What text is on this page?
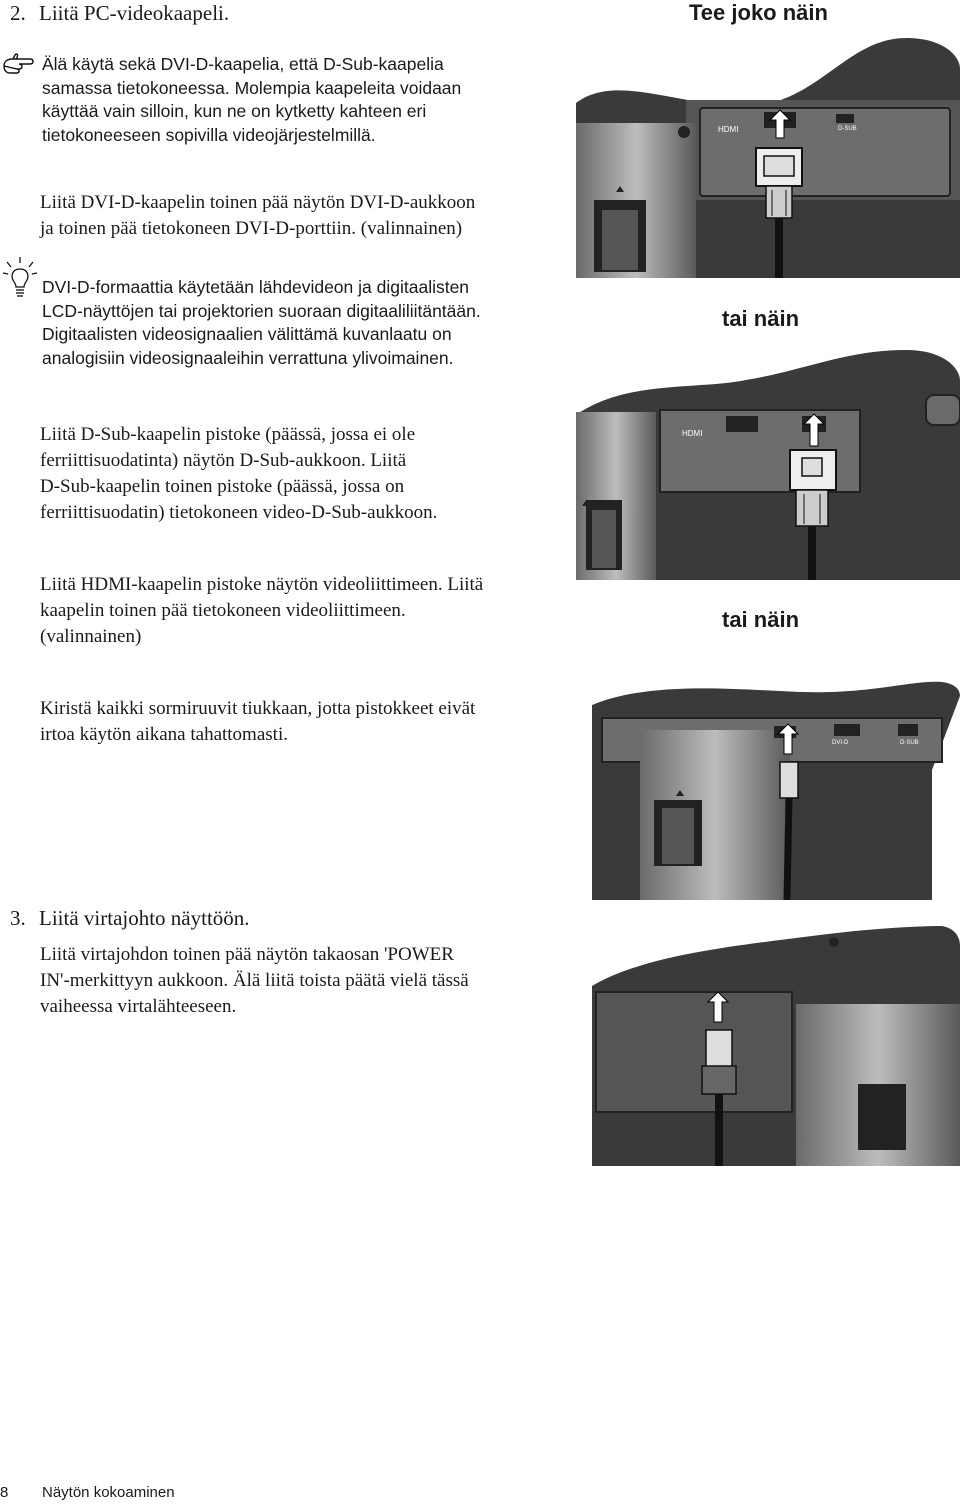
2. Liitä PC-videokaapeli.	Tee joko näin
Älä käytä sekä DVI-D-kaapelia, että D-Sub-kaapelia
samassa tietokoneessa. Molempia kaapeleita voidaan
käyttää vain silloin, kun ne on kytketty kahteen eri
tietokoneeseen sopivilla videojärjestelmillä.
Liitä DVI-D-kaapelin toinen pää näytön DVI-D-aukkoon
ja toinen pää tietokoneen DVI-D-porttiin. (valinnainen)
DVI-D-formaattia käytetään lähdevideon ja digitaalisten
LCD-näyttöjen tai projektorien suoraan digitaaliliitäntään.
Digitaalisten videosignaalien välittämä kuvanlaatu on
analogisiin videosignaaleihin verrattuna ylivoimainen.
tai näin
Liitä D-Sub-kaapelin pistoke (päässä, jossa ei ole
ferriittisuodatinta) näytön D-Sub-aukkoon. Liitä
D-Sub-kaapelin toinen pistoke (päässä, jossa on
ferriittisuodatin) tietokoneen video-D-Sub-aukkoon.
Liitä HDMI-kaapelin pistoke näytön videoliittimeen. Liitä
kaapelin toinen pää tietokoneen videoliittimeen.
(valinnainen)
tai näin
Kiristä kaikki sormiruuvit tiukkaan, jotta pistokkeet eivät
irtoa käytön aikana tahattomasti.
3. Liitä virtajohto näyttöön.
Liitä virtajohdon toinen pää näytön takaosan 'POWER
IN'-merkittyyn aukkoon. Älä liitä toista päätä vielä tässä
vaiheessa virtalähteeseen.
HDMI	D-SUB
HDMI
DVI-D	D-SUB
8 Näytön kokoaminen
